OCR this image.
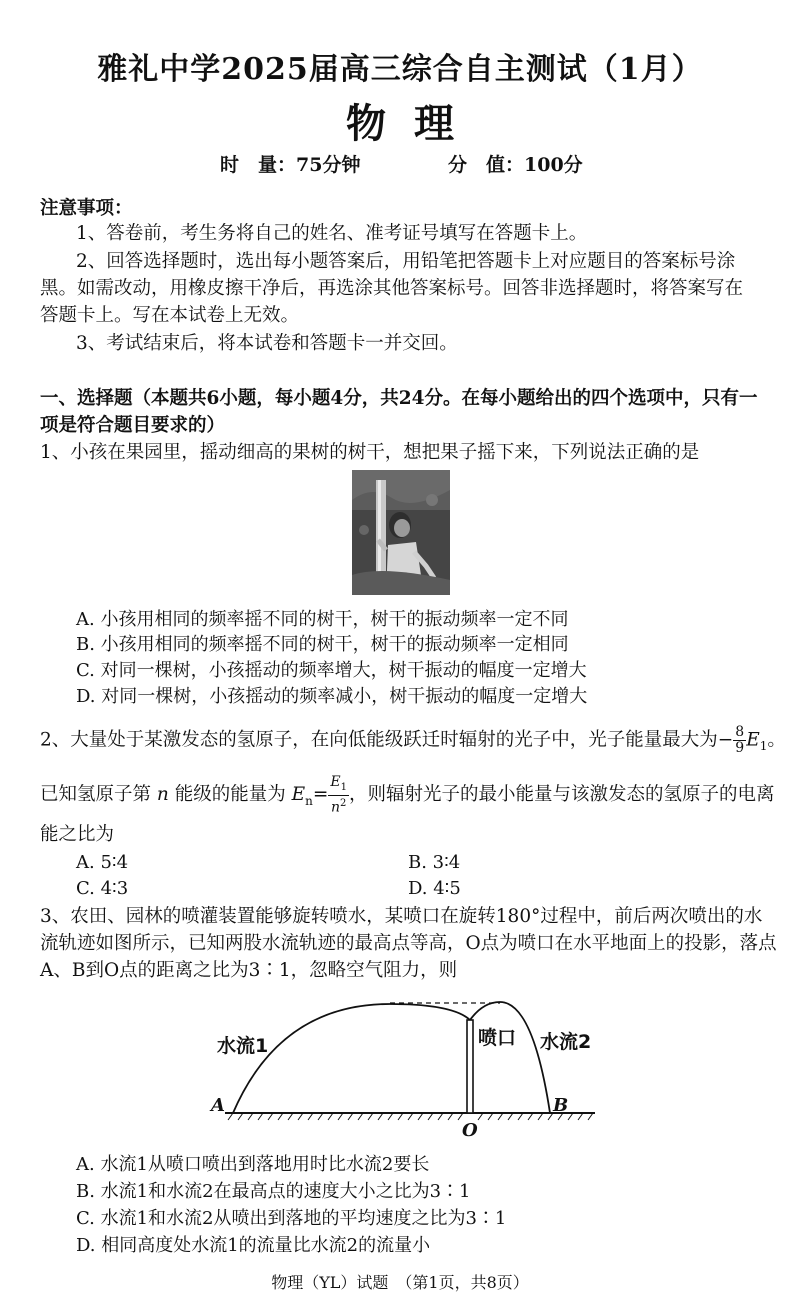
雅礼中学2025届高三综合自主测试（1月）
物理
时　量：75分钟	分　值：100分
注意事项：
1、答卷前，考生务将自己的姓名、准考证号填写在答题卡上。
2、回答选择题时，选出每小题答案后，用铅笔把答题卡上对应题目的答案标号涂
黑。如需改动，用橡皮擦干净后，再选涂其他答案标号。回答非选择题时，将答案写在
答题卡上。写在本试卷上无效。
3、考试结束后，将本试卷和答题卡一并交回。
一、选择题（本题共6小题，每小题4分，共24分。在每小题给出的四个选项中，只有一
项是符合题目要求的）
1、小孩在果园里，摇动细高的果树的树干，想把果子摇下来，下列说法正确的是
A. 小孩用相同的频率摇不同的树干，树干的振动频率一定不同
B. 小孩用相同的频率摇不同的树干，树干的振动频率一定相同
C. 对同一棵树，小孩摇动的频率增大，树干振动的幅度一定增大
D. 对同一棵树，小孩摇动的频率减小，树干振动的幅度一定增大
2、大量处于某激发态的氢原子，在向低能级跃迁时辐射的光子中，光子能量最大为− $\frac{8}{9} E_1$。
已知氢原子第 n 能级的能量为 $E_n= \frac{E_1}{n^2}$ ，则辐射光子的最小能量与该激发态的氢原子的电离
能之比为
A. 5∶4	B. 3∶4
C. 4∶3	D. 4∶5
3、农田、园林的喷灌装置能够旋转喷水，某喷口在旋转180°过程中，前后两次喷出的水
流轨迹如图所示，已知两股水流轨迹的最高点等高，O点为喷口在水平地面上的投影，落点
A、B到O点的距离之比为3∶1，忽略空气阻力，则
水流1	喷口 水流2
A	B
O
A. 水流1从喷口喷出到落地用时比水流2要长
B. 水流1和水流2在最高点的速度大小之比为3∶1
C. 水流1和水流2从喷出到落地的平均速度之比为3∶1
D. 相同高度处水流1的流量比水流2的流量小
物理（YL）试题　（第1页，共8页）
